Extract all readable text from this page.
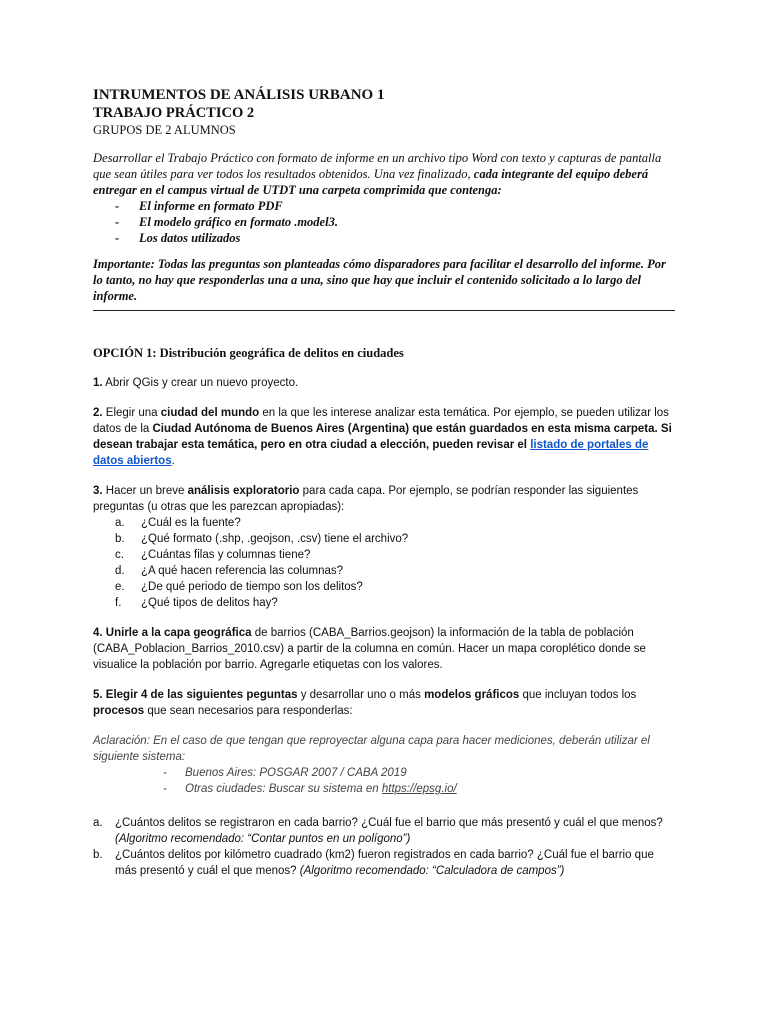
INTRUMENTOS DE ANÁLISIS URBANO 1

TRABAJO PRÁCTICO 2

GRUPOS DE 2 ALUMNOS

Desarrollar el Trabajo Práctico con formato de informe en un archivo tipo Word con texto y capturas de pantalla que sean útiles para ver todos los resultados obtenidos. Una vez finalizado, cada integrante del equipo deberá entregar en el campus virtual de UTDT una carpeta comprimida que contenga:

- El informe en formato PDF
- El modelo gráfico en formato .model3.
- Los datos utilizados

Importante: Todas las preguntas son planteadas cómo disparadores para facilitar el desarrollo del informe. Por lo tanto, no hay que responderlas una a una, sino que hay que incluir el contenido solicitado a lo largo del informe.

OPCIÓN 1: Distribución geográfica de delitos en ciudades

1. Abrir QGis y crear un nuevo proyecto.

2. Elegir una ciudad del mundo en la que les interese analizar esta temática. Por ejemplo, se pueden utilizar los datos de la Ciudad Autónoma de Buenos Aires (Argentina) que están guardados en esta misma carpeta. Si desean trabajar esta temática, pero en otra ciudad a elección, pueden revisar el listado de portales de datos abiertos.

3. Hacer un breve análisis exploratorio para cada capa. Por ejemplo, se podrían responder las siguientes preguntas (u otras que les parezcan apropiadas):

a. ¿Cuál es la fuente?
b. ¿Qué formato (.shp, .geojson, .csv) tiene el archivo?
c. ¿Cuántas filas y columnas tiene?
d. ¿A qué hacen referencia las columnas?
e. ¿De qué periodo de tiempo son los delitos?
f. ¿Qué tipos de delitos hay?

4. Unirle a la capa geográfica de barrios (CABA_Barrios.geojson) la información de la tabla de población (CABA_Poblacion_Barrios_2010.csv) a partir de la columna en común. Hacer un mapa coroplético donde se visualice la población por barrio. Agregarle etiquetas con los valores.

5. Elegir 4 de las siguientes peguntas y desarrollar uno o más modelos gráficos que incluyan todos los procesos que sean necesarios para responderlas:

Aclaración: En el caso de que tengan que reproyectar alguna capa para hacer mediciones, deberán utilizar el siguiente sistema:

- Buenos Aires: POSGAR 2007 / CABA 2019
- Otras ciudades: Buscar su sistema en https://epsg.io/
a. ¿Cuántos delitos se registraron en cada barrio? ¿Cuál fue el barrio que más presentó y cuál el que menos? (Algoritmo recomendado: “Contar puntos en un polígono”)
b. ¿Cuántos delitos por kilómetro cuadrado (km2) fueron registrados en cada barrio? ¿Cuál fue el barrio que más presentó y cuál el que menos? (Algoritmo recomendado: “Calculadora de campos”)
